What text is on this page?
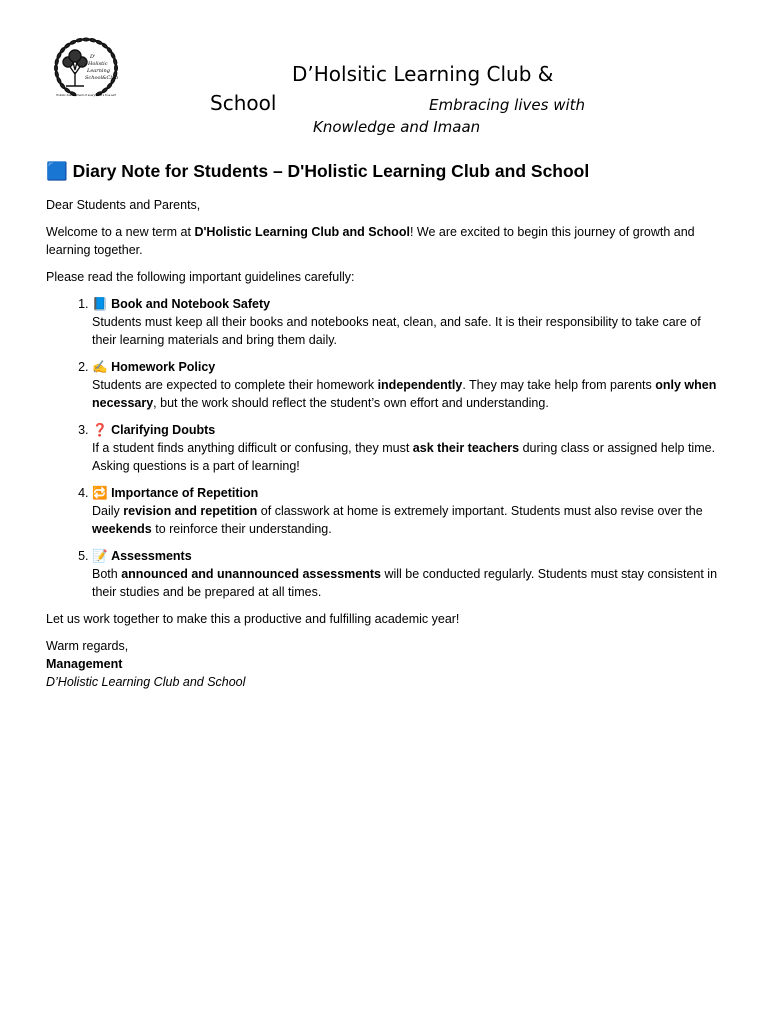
D'
Holistic
Learning
School&Club
Holistic development of every child's true self
D’Holsitic Learning Club &
School	Embracing lives with
Knowledge and Imaan
🟦 Diary Note for Students – D'Holistic Learning Club and School

Dear Students and Parents,

Welcome to a new term at D'Holistic Learning Club and School! We are excited to begin this journey of growth and learning together.

Please read the following important guidelines carefully:

1. 📘 Book and Notebook Safety
Students must keep all their books and notebooks neat, clean, and safe. It is their responsibility to take care of their learning materials and bring them daily.
2. ✍️ Homework Policy
Students are expected to complete their homework independently. They may take help from parents only when necessary, but the work should reflect the student’s own effort and understanding.
3. ❓ Clarifying Doubts
If a student finds anything difficult or confusing, they must ask their teachers during class or assigned help time. Asking questions is a part of learning!
4. 🔁 Importance of Repetition
Daily revision and repetition of classwork at home is extremely important. Students must also revise over the weekends to reinforce their understanding.
5. 📝 Assessments
Both announced and unannounced assessments will be conducted regularly. Students must stay consistent in their studies and be prepared at all times.

Let us work together to make this a productive and fulfilling academic year!

Warm regards,
Management
D’Holistic Learning Club and School
